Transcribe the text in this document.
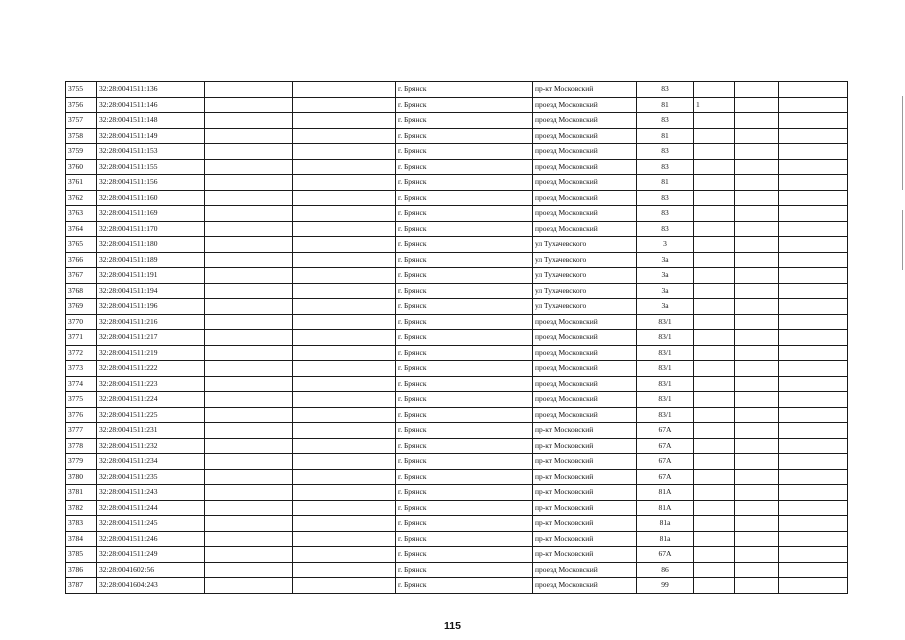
3755	32:28:0041511:136			г. Брянск	пр-кт Московский	83			
3756	32:28:0041511:146			г. Брянск	проезд Московский	81	1		
3757	32:28:0041511:148			г. Брянск	проезд Московский	83			
3758	32:28:0041511:149			г. Брянск	проезд Московский	81			
3759	32:28:0041511:153			г. Брянск	проезд Московский	83			
3760	32:28:0041511:155			г. Брянск	проезд Московский	83			
3761	32:28:0041511:156			г. Брянск	проезд Московский	81			
3762	32:28:0041511:160			г. Брянск	проезд Московский	83			
3763	32:28:0041511:169			г. Брянск	проезд Московский	83			
3764	32:28:0041511:170			г. Брянск	проезд Московский	83			
3765	32:28:0041511:180			г. Брянск	ул Тухачевского	3			
3766	32:28:0041511:189			г. Брянск	ул Тухачевского	3а			
3767	32:28:0041511:191			г. Брянск	ул Тухачевского	3а			
3768	32:28:0041511:194			г. Брянск	ул Тухачевского	3а			
3769	32:28:0041511:196			г. Брянск	ул Тухачевского	3а			
3770	32:28:0041511:216			г. Брянск	проезд Московский	83/1			
3771	32:28:0041511:217			г. Брянск	проезд Московский	83/1			
3772	32:28:0041511:219			г. Брянск	проезд Московский	83/1			
3773	32:28:0041511:222			г. Брянск	проезд Московский	83/1			
3774	32:28:0041511:223			г. Брянск	проезд Московский	83/1			
3775	32:28:0041511:224			г. Брянск	проезд Московский	83/1			
3776	32:28:0041511:225			г. Брянск	проезд Московский	83/1			
3777	32:28:0041511:231			г. Брянск	пр-кт Московский	67А			
3778	32:28:0041511:232			г. Брянск	пр-кт Московский	67А			
3779	32:28:0041511:234			г. Брянск	пр-кт Московский	67А			
3780	32:28:0041511:235			г. Брянск	пр-кт Московский	67А			
3781	32:28:0041511:243			г. Брянск	пр-кт Московский	81А			
3782	32:28:0041511:244			г. Брянск	пр-кт Московский	81А			
3783	32:28:0041511:245			г. Брянск	пр-кт Московский	81а			
3784	32:28:0041511:246			г. Брянск	пр-кт Московский	81а			
3785	32:28:0041511:249			г. Брянск	пр-кт Московский	67А			
3786	32:28:0041602:56			г. Брянск	проезд Московский	86			
3787	32:28:0041604:243			г. Брянск	проезд Московский	99			
115
